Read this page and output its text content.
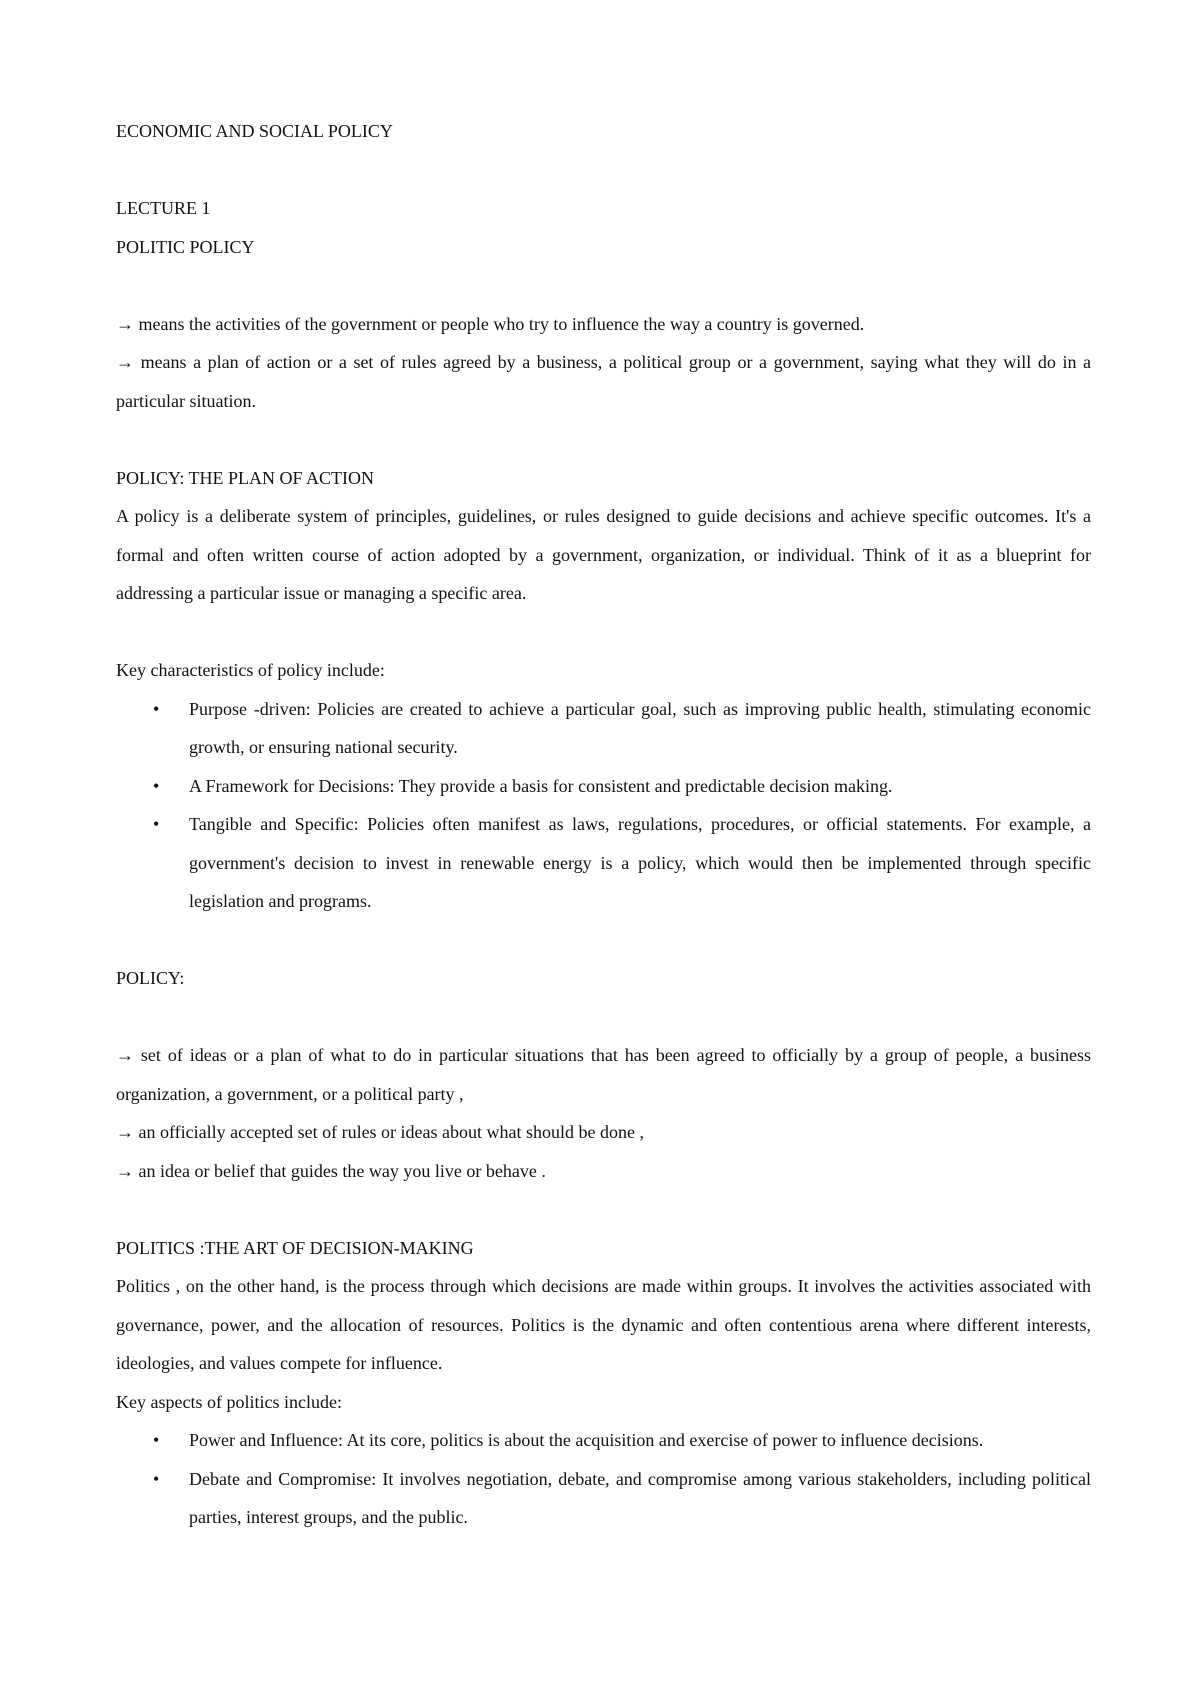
ECONOMIC AND SOCIAL POLICY

LECTURE 1

POLITIC POLICY

→ means the activities of the government or people who try to influence the way a country is governed.

→ means a plan of action or a set of rules agreed by a business, a political group or a government, saying what they will do in a particular situation.

POLICY: THE PLAN OF ACTION

A policy is a deliberate system of principles, guidelines, or rules designed to guide decisions and achieve specific outcomes. It's a formal and often written course of action adopted by a government, organization, or individual. Think of it as a blueprint for addressing a particular issue or managing a specific area.

Key characteristics of policy include:

• Purpose -driven: Policies are created to achieve a particular goal, such as improving public health, stimulating economic growth, or ensuring national security.
• A Framework for Decisions: They provide a basis for consistent and predictable decision making.
• Tangible and Specific: Policies often manifest as laws, regulations, procedures, or official statements. For example, a government's decision to invest in renewable energy is a policy, which would then be implemented through specific legislation and programs.

POLICY:

→ set of ideas or a plan of what to do in particular situations that has been agreed to officially by a group of people, a business organization, a government, or a political party ,

→ an officially accepted set of rules or ideas about what should be done ,

→ an idea or belief that guides the way you live or behave .

POLITICS :THE ART OF DECISION-MAKING

Politics , on the other hand, is the process through which decisions are made within groups. It involves the activities associated with governance, power, and the allocation of resources. Politics is the dynamic and often contentious arena where different interests, ideologies, and values compete for influence.

Key aspects of politics include:

• Power and Influence: At its core, politics is about the acquisition and exercise of power to influence decisions.
• Debate and Compromise: It involves negotiation, debate, and compromise among various stakeholders, including political parties, interest groups, and the public.
